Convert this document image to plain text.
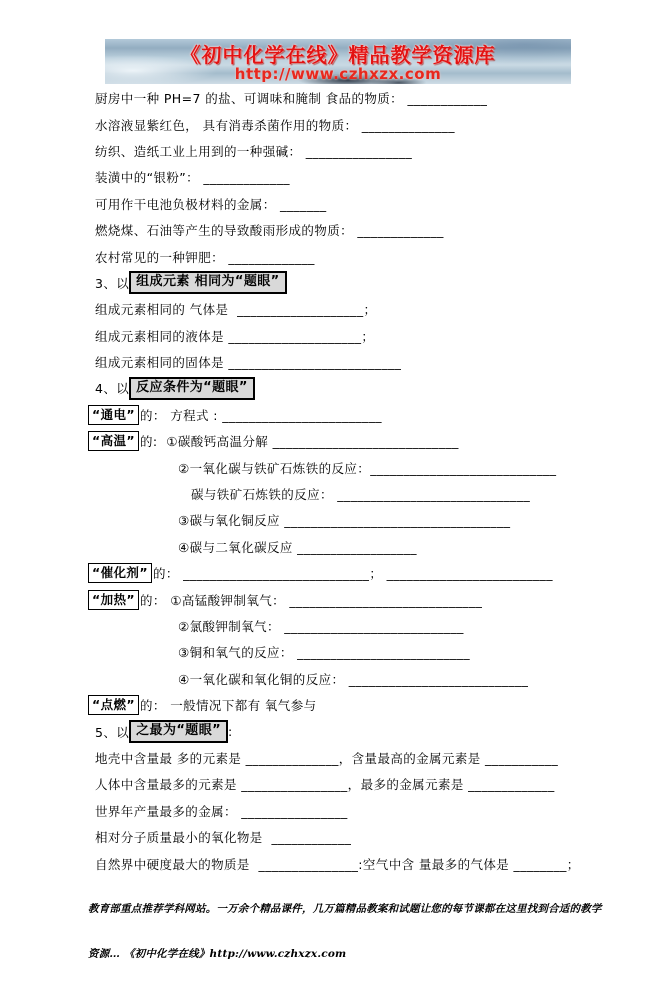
《初中化学在线》精品教学资源库
http://www.czhxzx.com
厨房中一种 PH=7 的盐、可调味和腌制 食品的物质： ____________
水溶液显紫红色， 具有消毒杀菌作用的物质： ______________
纺织、造纸工业上用到的一种强碱： ________________
装潢中的“银粉”： _____________
可用作干电池负极材料的金属： _______
燃烧煤、石油等产生的导致酸雨形成的物质： _____________
农村常见的一种钾肥： _____________
3、以 组成元素 相同为“题眼”
组成元素相同的 气体是  ___________________；
组成元素相同的液体是 ____________________；
组成元素相同的固体是 __________________________
4、以 反应条件为“题眼”
“通电” 的： 方程式 : ________________________
“高温” 的: ①碳酸钙高温分解 ____________________________
②一氧化碳与铁矿石炼铁的反应：____________________________
碳与铁矿石炼铁的反应： _____________________________
③碳与氧化铜反应 __________________________________
④碳与二氧化碳反应 __________________
“催化剂” 的： ____________________________； _________________________
“加热” 的： ①高锰酸钾制氧气： _____________________________
②氯酸钾制氧气： ___________________________
③铜和氧气的反应： __________________________
④一氧化碳和氧化铜的反应： ___________________________
“点燃” 的： 一般情况下都有 氧气参与
5、以 之最为“题眼” :
地壳中含量最 多的元素是 ______________，含量最高的金属元素是 ___________
人体中含量最多的元素是 ________________，最多的金属元素是 _____________
世界年产量最多的金属： ________________
相对分子质量最小的氧化物是  ____________
自然界中硬度最大的物质是  _______________:空气中含 量最多的气体是 ________；

教育部重点推荐学科网站。一万余个精品课件，几万篇精品教案和试题让您的每节课都在这里找到合适的教学

资源… 《初中化学在线》http://www.czhxzx.com
